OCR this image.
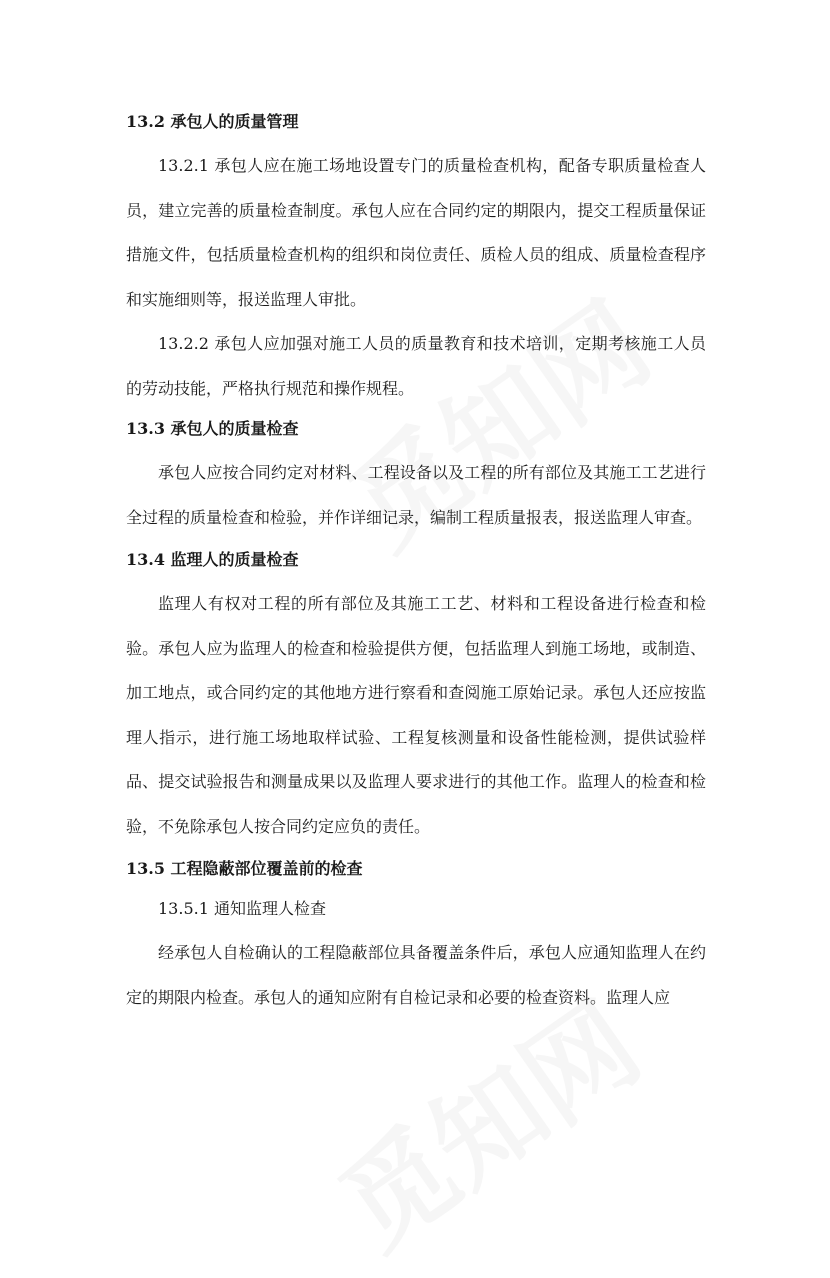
13.2 承包人的质量管理

13.2.1 承包人应在施工场地设置专门的质量检查机构，配备专职质量检查人员，建立完善的质量检查制度。承包人应在合同约定的期限内，提交工程质量保证措施文件，包括质量检查机构的组织和岗位责任、质检人员的组成、质量检查程序和实施细则等，报送监理人审批。

13.2.2 承包人应加强对施工人员的质量教育和技术培训，定期考核施工人员的劳动技能，严格执行规范和操作规程。

13.3 承包人的质量检查

承包人应按合同约定对材料、工程设备以及工程的所有部位及其施工工艺进行全过程的质量检查和检验，并作详细记录，编制工程质量报表，报送监理人审查。

13.4 监理人的质量检查

监理人有权对工程的所有部位及其施工工艺、材料和工程设备进行检查和检验。承包人应为监理人的检查和检验提供方便，包括监理人到施工场地，或制造、加工地点，或合同约定的其他地方进行察看和查阅施工原始记录。承包人还应按监理人指示，进行施工场地取样试验、工程复核测量和设备性能检测，提供试验样品、提交试验报告和测量成果以及监理人要求进行的其他工作。监理人的检查和检验，不免除承包人按合同约定应负的责任。

13.5 工程隐蔽部位覆盖前的检查

13.5.1 通知监理人检查

经承包人自检确认的工程隐蔽部位具备覆盖条件后，承包人应通知监理人在约定的期限内检查。承包人的通知应附有自检记录和必要的检查资料。监理人应
